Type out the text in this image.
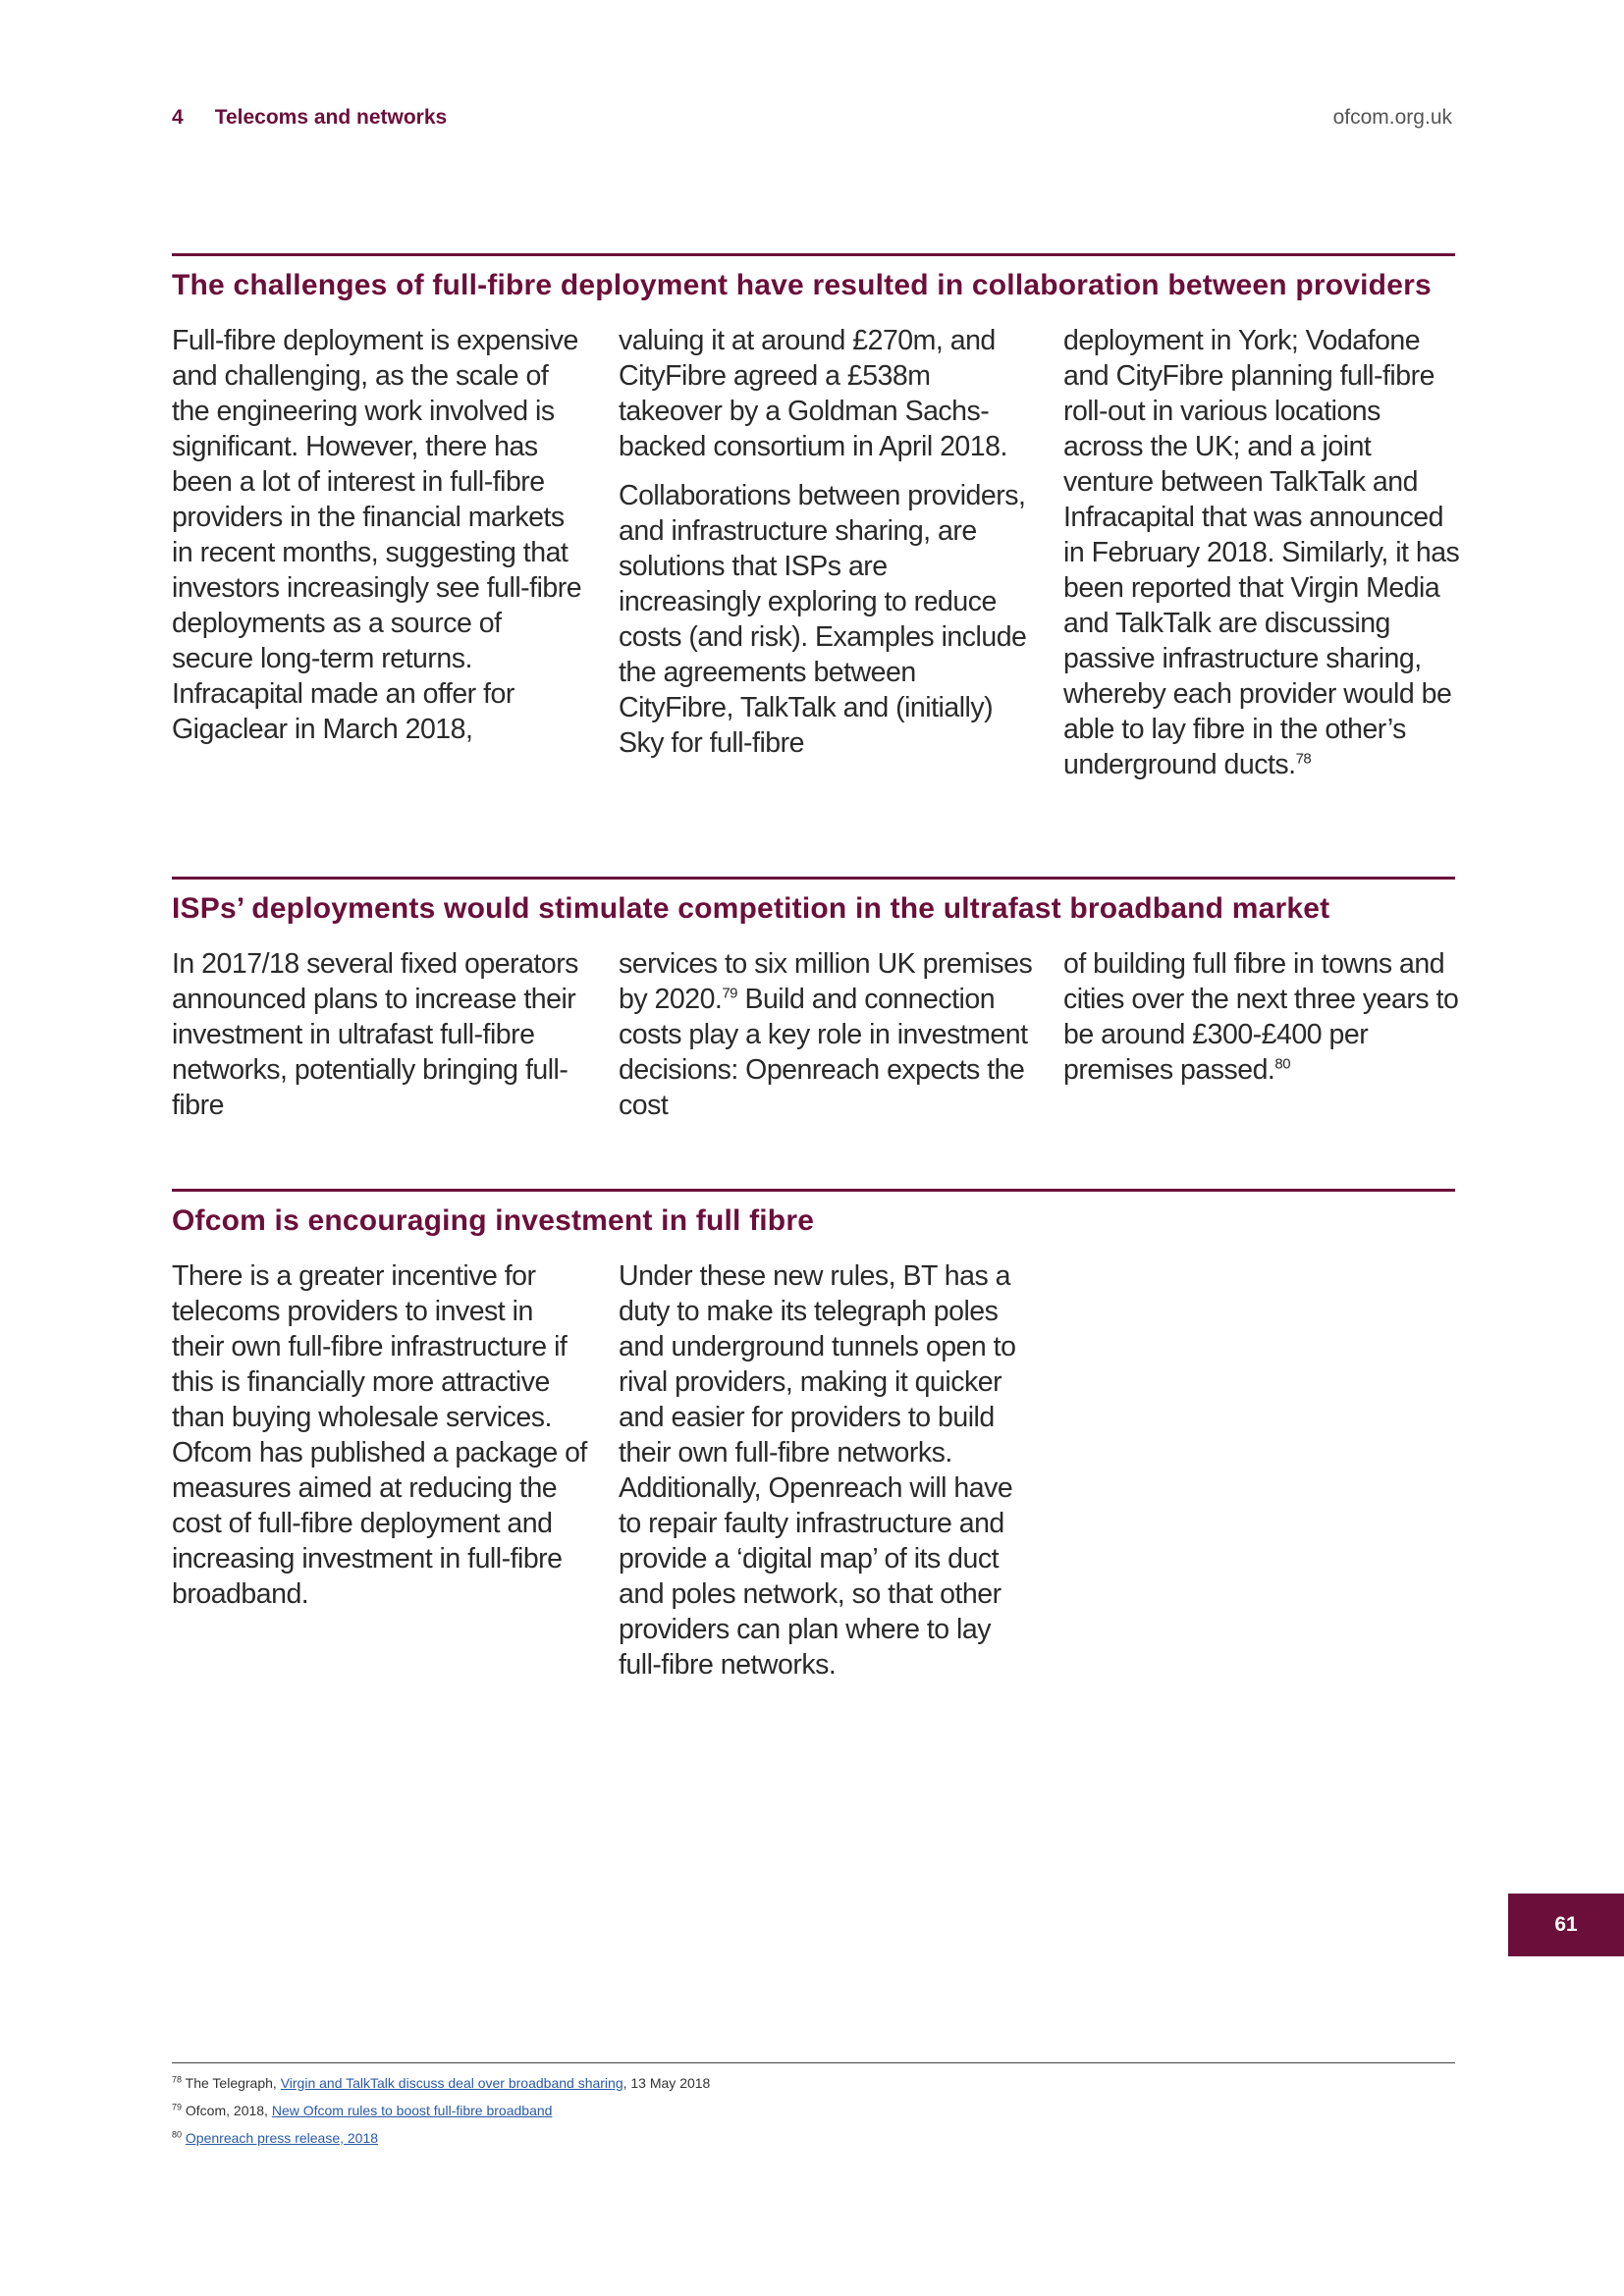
4 Telecoms and networks	ofcom.org.uk
The challenges of full-fibre deployment have resulted in collaboration between providers

Full-fibre deployment is expensive and challenging, as the scale of the engineering work involved is significant. However, there has been a lot of interest in full-fibre providers in the financial markets in recent months, suggesting that investors increasingly see full-fibre deployments as a source of secure long-term returns. Infracapital made an offer for Gigaclear in March 2018,

valuing it at around £270m, and CityFibre agreed a £538m takeover by a Goldman Sachs-backed consortium in April 2018.

Collaborations between providers, and infrastructure sharing, are solutions that ISPs are increasingly exploring to reduce costs (and risk). Examples include the agreements between CityFibre, TalkTalk and (initially) Sky for full-fibre

deployment in York; Vodafone and CityFibre planning full-fibre roll-out in various locations across the UK; and a joint venture between TalkTalk and Infracapital that was announced in February 2018. Similarly, it has been reported that Virgin Media and TalkTalk are discussing passive infrastructure sharing, whereby each provider would be able to lay fibre in the other’s underground ducts.$^{78}$

ISPs’ deployments would stimulate competition in the ultrafast broadband market

In 2017/18 several fixed operators announced plans to increase their investment in ultrafast full-fibre networks, potentially bringing full-fibre

services to six million UK premises by 2020.79 Build and connection costs play a key role in investment decisions: Openreach expects the cost

of building full fibre in towns and cities over the next three years to be around £300-£400 per premises passed.$^{80}$

Ofcom is encouraging investment in full fibre

There is a greater incentive for telecoms providers to invest in their own full-fibre infrastructure if this is financially more attractive than buying wholesale services. Ofcom has published a package of measures aimed at reducing the cost of full-fibre deployment and increasing investment in full-fibre broadband.

Under these new rules, BT has a duty to make its telegraph poles and underground tunnels open to rival providers, making it quicker and easier for providers to build their own full-fibre networks. Additionally, Openreach will have to repair faulty infrastructure and provide a ‘digital map’ of its duct and poles network, so that other providers can plan where to lay full-fibre networks.

61
$^{78}$ The Telegraph, Virgin and TalkTalk discuss deal over broadband sharing, 13 May 2018
$^{79}$ Ofcom, 2018, New Ofcom rules to boost full-fibre broadband
$^{80}$ Openreach press release, 2018
